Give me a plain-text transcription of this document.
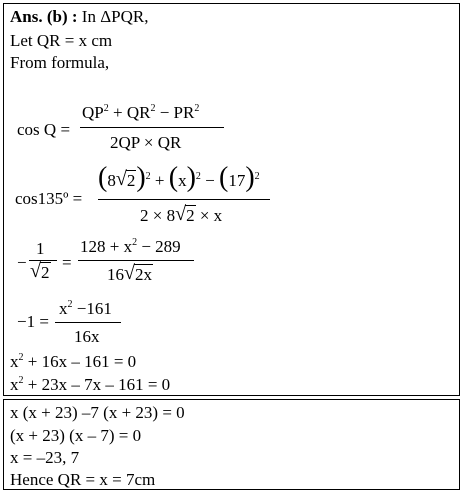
Ans. (b) : In ΔPQR,
Let QR = x cm
From formula,
cos Q =
$QP^2 + QR^2 - PR^2$
2QP × QR
cos135º =
(8 √ $2)^2 + (x)^2 - (17)^2$
2 × 8 √ 2 × x
−
1
√ 2
=
$128 + x^2 - 289$
16 √ 2x
−1 =
$x^2 -161$
16x
$x^2 + 16x - 161 = 0$
$x^2 + 23x - 7x - 161 = 0$
x (x + 23) –7 (x + 23) = 0
(x + 23) (x – 7) = 0
x = –23, 7
Hence QR = x = 7cm
